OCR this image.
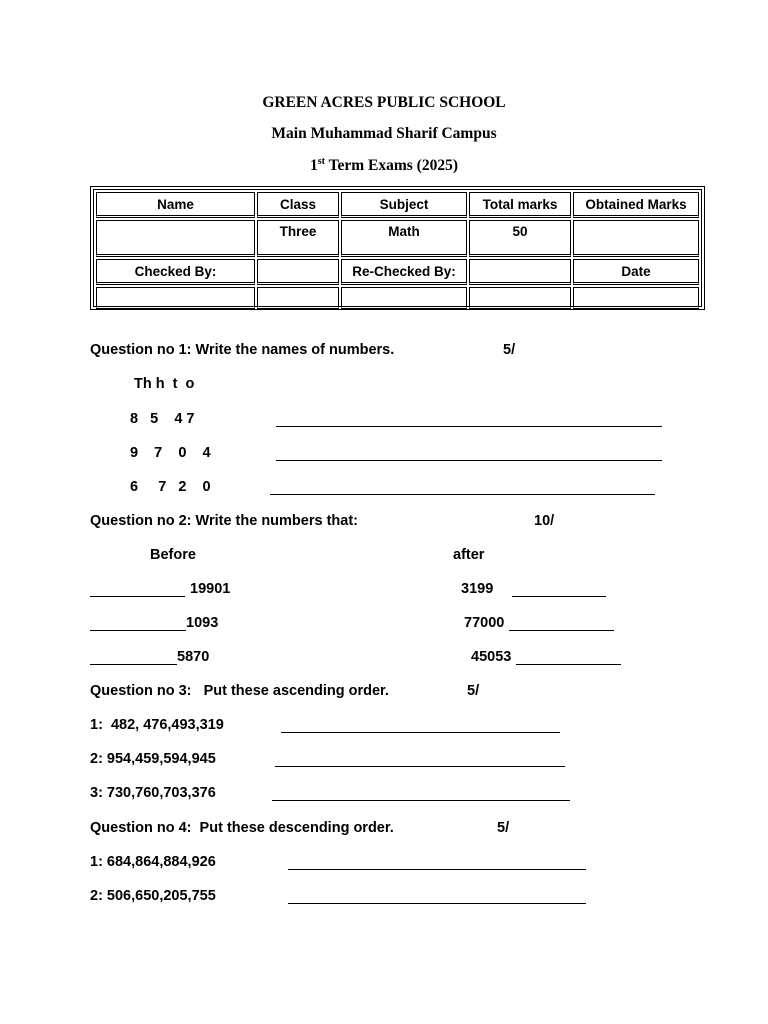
GREEN ACRES PUBLIC SCHOOL
Main Muhammad Sharif Campus
1st Term Exams (2025)
Name	Class	Subject	Total marks	Obtained Marks
	Three	Math	50	
Checked By:		Re-Checked By:		Date

Question no 1: Write the names of numbers.	5/
Th h  t  o
8   5    4 7
9    7    0    4
6     7   2    0
Question no 2: Write the numbers that:	10/
Before	after
19901	3199
1093	77000
5870	45053
Question no 3:   Put these ascending order.	5/
1:  482, 476,493,319
2: 954,459,594,945
3: 730,760,703,376
Question no 4:  Put these descending order.	5/
1: 684,864,884,926
2: 506,650,205,755
